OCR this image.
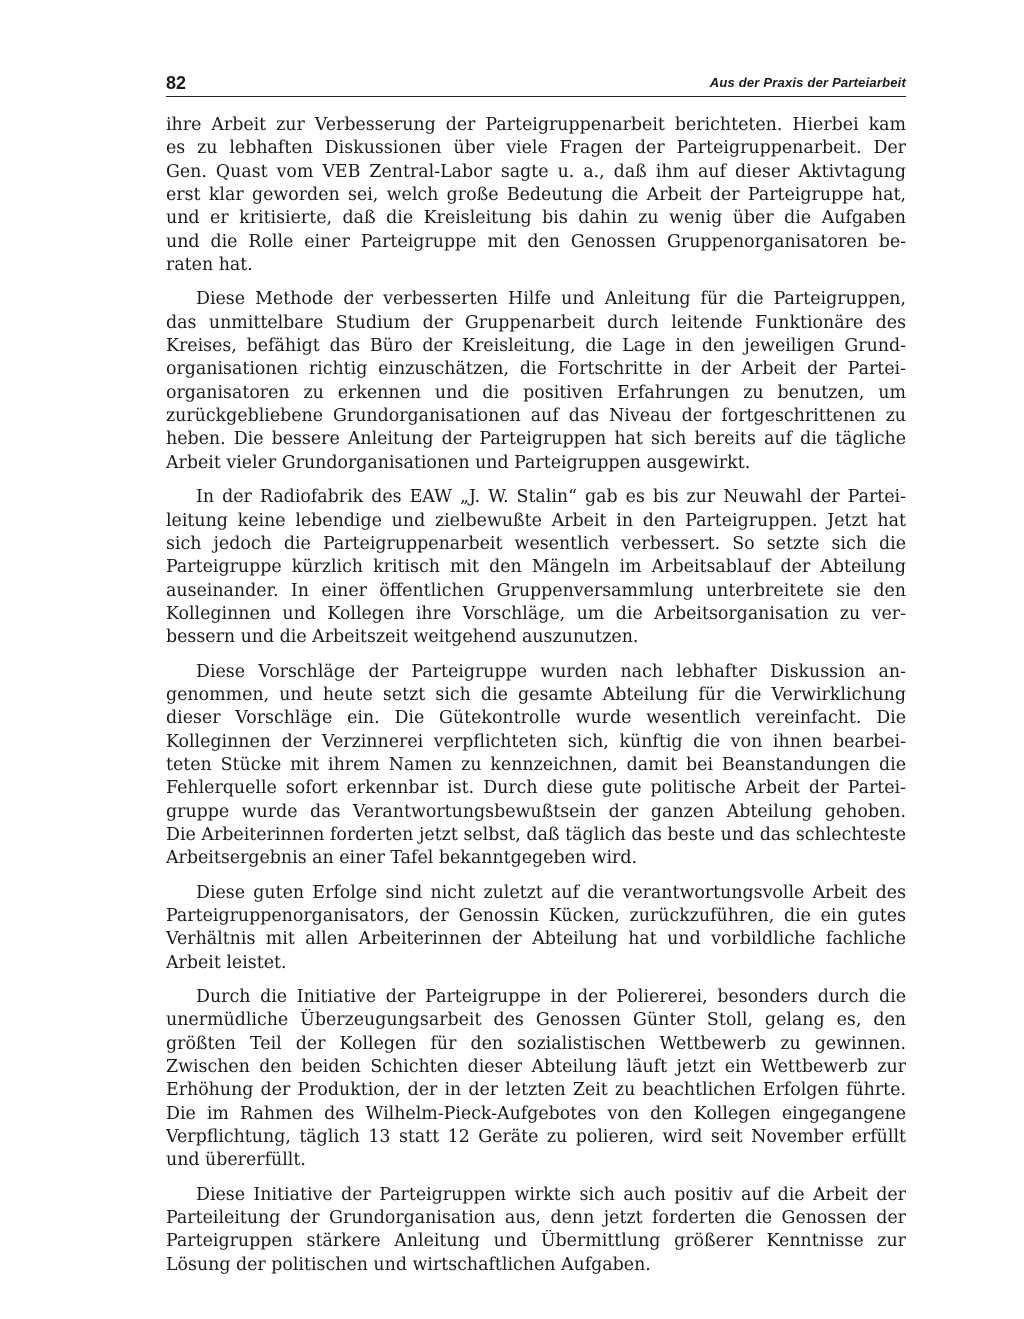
82	Aus der Praxis der Parteiarbeit
ihre Arbeit zur Verbesserung der Parteigruppenarbeit berichteten. Hierbei kam
es zu lebhaften Diskussionen über viele Fragen der Parteigruppenarbeit. Der
Gen. Quast vom VEB Zentral-Labor sagte u. a., daß ihm auf dieser Aktivtagung
erst klar geworden sei, welch große Bedeutung die Arbeit der Parteigruppe hat,
und er kritisierte, daß die Kreisleitung bis dahin zu wenig über die Aufgaben
und die Rolle einer Parteigruppe mit den Genossen Gruppenorganisatoren be-
raten hat.
Diese Methode der verbesserten Hilfe und Anleitung für die Parteigruppen,
das unmittelbare Studium der Gruppenarbeit durch leitende Funktionäre des
Kreises, befähigt das Büro der Kreisleitung, die Lage in den jeweiligen Grund-
organisationen richtig einzuschätzen, die Fortschritte in der Arbeit der Partei-
organisatoren zu erkennen und die positiven Erfahrungen zu benutzen, um
zurückgebliebene Grundorganisationen auf das Niveau der fortgeschrittenen zu
heben. Die bessere Anleitung der Parteigruppen hat sich bereits auf die tägliche
Arbeit vieler Grundorganisationen und Parteigruppen ausgewirkt.
In der Radiofabrik des EAW „J. W. Stalin“ gab es bis zur Neuwahl der Partei-
leitung keine lebendige und zielbewußte Arbeit in den Parteigruppen. Jetzt hat
sich jedoch die Parteigruppenarbeit wesentlich verbessert. So setzte sich die
Parteigruppe kürzlich kritisch mit den Mängeln im Arbeitsablauf der Abteilung
auseinander. In einer öffentlichen Gruppenversammlung unterbreitete sie den
Kolleginnen und Kollegen ihre Vorschläge, um die Arbeitsorganisation zu ver-
bessern und die Arbeitszeit weitgehend auszunutzen.
Diese Vorschläge der Parteigruppe wurden nach lebhafter Diskussion an-
genommen, und heute setzt sich die gesamte Abteilung für die Verwirklichung
dieser Vorschläge ein. Die Gütekontrolle wurde wesentlich vereinfacht. Die
Kolleginnen der Verzinnerei verpflichteten sich, künftig die von ihnen bearbei-
teten Stücke mit ihrem Namen zu kennzeichnen, damit bei Beanstandungen die
Fehlerquelle sofort erkennbar ist. Durch diese gute politische Arbeit der Partei-
gruppe wurde das Verantwortungsbewußtsein der ganzen Abteilung gehoben.
Die Arbeiterinnen forderten jetzt selbst, daß täglich das beste und das schlechteste
Arbeitsergebnis an einer Tafel bekanntgegeben wird.
Diese guten Erfolge sind nicht zuletzt auf die verantwortungsvolle Arbeit des
Parteigruppenorganisators, der Genossin Kücken, zurückzuführen, die ein gutes
Verhältnis mit allen Arbeiterinnen der Abteilung hat und vorbildliche fachliche
Arbeit leistet.
Durch die Initiative der Parteigruppe in der Poliererei, besonders durch die
unermüdliche Überzeugungsarbeit des Genossen Günter Stoll, gelang es, den
größten Teil der Kollegen für den sozialistischen Wettbewerb zu gewinnen.
Zwischen den beiden Schichten dieser Abteilung läuft jetzt ein Wettbewerb zur
Erhöhung der Produktion, der in der letzten Zeit zu beachtlichen Erfolgen führte.
Die im Rahmen des Wilhelm-Pieck-Aufgebotes von den Kollegen eingegangene
Verpflichtung, täglich 13 statt 12 Geräte zu polieren, wird seit November erfüllt
und übererfüllt.
Diese Initiative der Parteigruppen wirkte sich auch positiv auf die Arbeit der
Parteileitung der Grundorganisation aus, denn jetzt forderten die Genossen der
Parteigruppen stärkere Anleitung und Übermittlung größerer Kenntnisse zur
Lösung der politischen und wirtschaftlichen Aufgaben.
